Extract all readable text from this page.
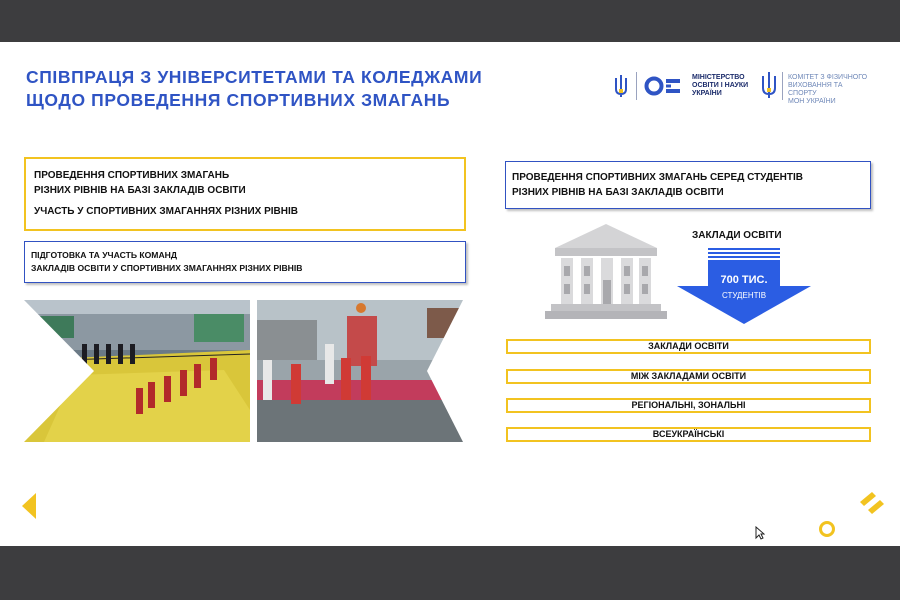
СПІВПРАЦЯ З УНІВЕРСИТЕТАМИ ТА КОЛЕДЖАМИ
ЩОДО ПРОВЕДЕННЯ СПОРТИВНИХ ЗМАГАНЬ
МІНІСТЕРСТВО
ОСВІТИ І НАУКИ
УКРАЇНИ
КОМІТЕТ З ФІЗИЧНОГО
ВИХОВАННЯ ТА СПОРТУ
МОН УКРАЇНИ
ПРОВЕДЕННЯ СПОРТИВНИХ ЗМАГАНЬ
РІЗНИХ РІВНІВ НА БАЗІ ЗАКЛАДІВ ОСВІТИ
УЧАСТЬ У СПОРТИВНИХ ЗМАГАННЯХ РІЗНИХ РІВНІВ
ПІДГОТОВКА ТА УЧАСТЬ КОМАНД
ЗАКЛАДІВ ОСВІТИ У СПОРТИВНИХ ЗМАГАННЯХ РІЗНИХ РІВНІВ
ПРОВЕДЕННЯ СПОРТИВНИХ ЗМАГАНЬ СЕРЕД СТУДЕНТІВ
РІЗНИХ РІВНІВ НА БАЗІ ЗАКЛАДІВ ОСВІТИ
ЗАКЛАДИ ОСВІТИ
700 ТИС.
СТУДЕНТІВ
ЗАКЛАДИ ОСВІТИ
МІЖ ЗАКЛАДАМИ ОСВІТИ
РЕГІОНАЛЬНІ, ЗОНАЛЬНІ
ВСЕУКРАЇНСЬКІ
